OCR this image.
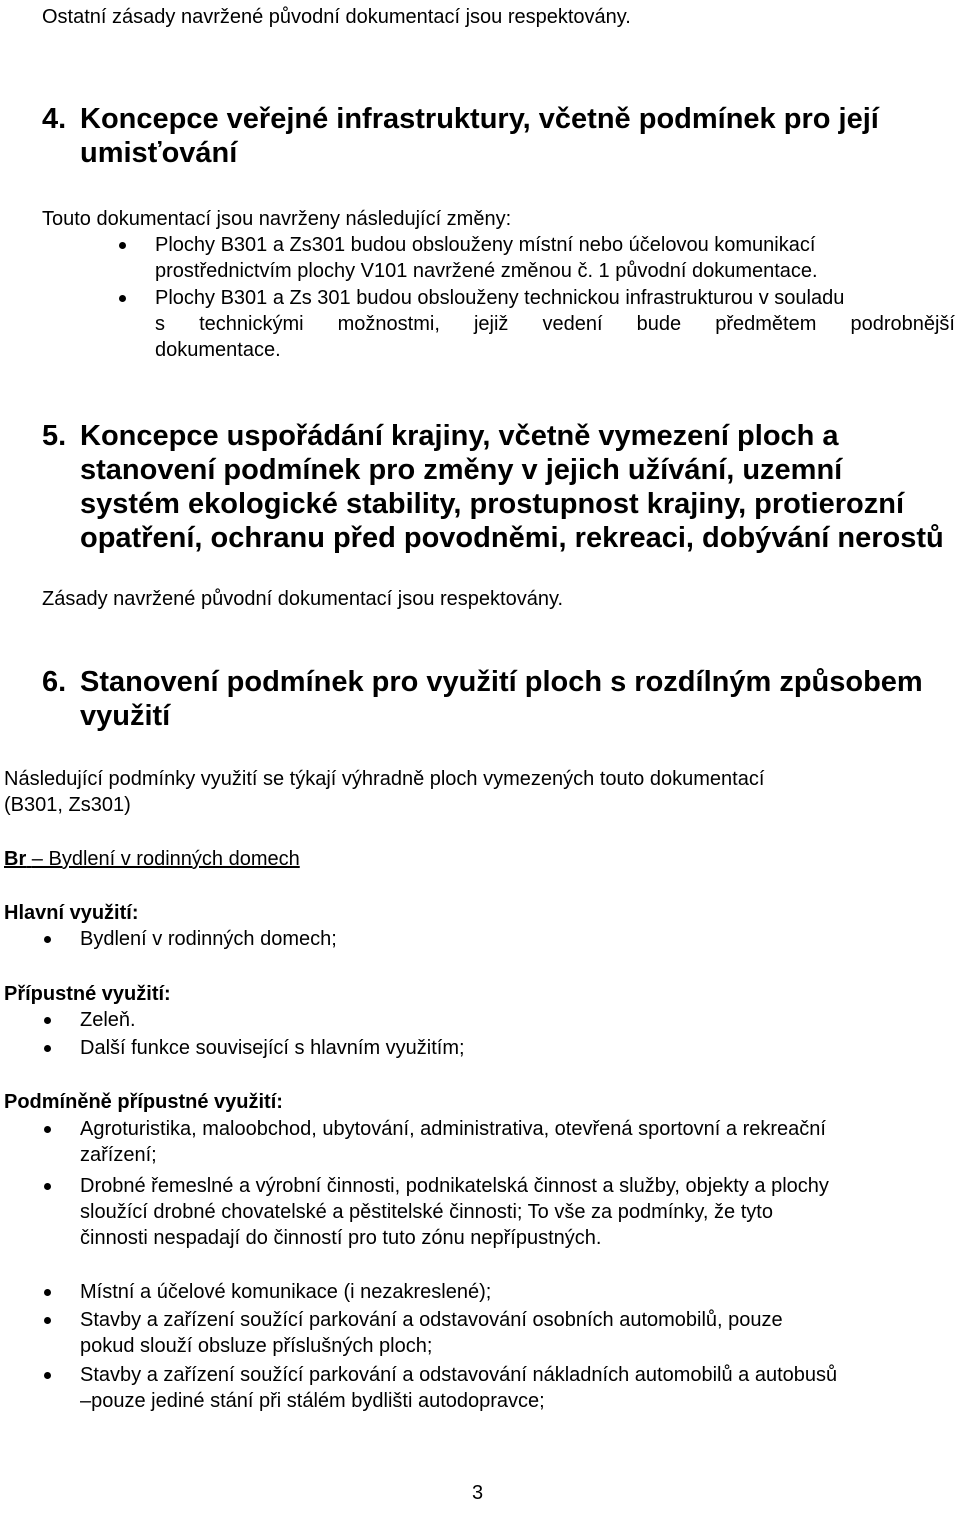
Ostatní zásady navržené původní dokumentací jsou respektovány.
4. Koncepce veřejné infrastruktury, včetně podmínek pro její
umisťování
Touto dokumentací jsou navrženy následující změny:
Plochy B301 a Zs301 budou obslouženy místní nebo účelovou komunikací
prostřednictvím plochy V101 navržené změnou č. 1 původní dokumentace.
Plochy B301 a Zs 301 budou obslouženy technickou infrastrukturou v souladu
s technickými možnostmi, jejiž vedení bude předmětem podrobnější
dokumentace.
5. Koncepce uspořádání krajiny, včetně vymezení ploch a
stanovení podmínek pro změny v jejich užívání, uzemní
systém ekologické stability, prostupnost krajiny, protierozní
opatření, ochranu před povodněmi, rekreaci, dobývání nerostů
Zásady navržené původní dokumentací jsou respektovány.
6. Stanovení podmínek pro využití ploch s rozdílným způsobem
využití
Následující podmínky využití se týkají výhradně ploch vymezených touto dokumentací
(B301, Zs301)
Br – Bydlení v rodinných domech
Hlavní využití:
Bydlení v rodinných domech;
Přípustné využití:
Zeleň.
Další funkce související s hlavním využitím;
Podmíněně přípustné využití:
Agroturistika, maloobchod, ubytování, administrativa, otevřená sportovní a rekreační
zařízení;
Drobné řemeslné a výrobní činnosti, podnikatelská činnost a služby, objekty a plochy
sloužící drobné chovatelské a pěstitelské činnosti; To vše za podmínky, že tyto
činnosti nespadají do činností pro tuto zónu nepřípustných.
Místní a účelové komunikace (i nezakreslené);
Stavby a zařízení soužící parkování a odstavování osobních automobilů, pouze
pokud slouží obsluze příslušných ploch;
Stavby a zařízení soužící parkování a odstavování nákladních automobilů a autobusů
–pouze jediné stání při stálém bydlišti autodopravce;
3
